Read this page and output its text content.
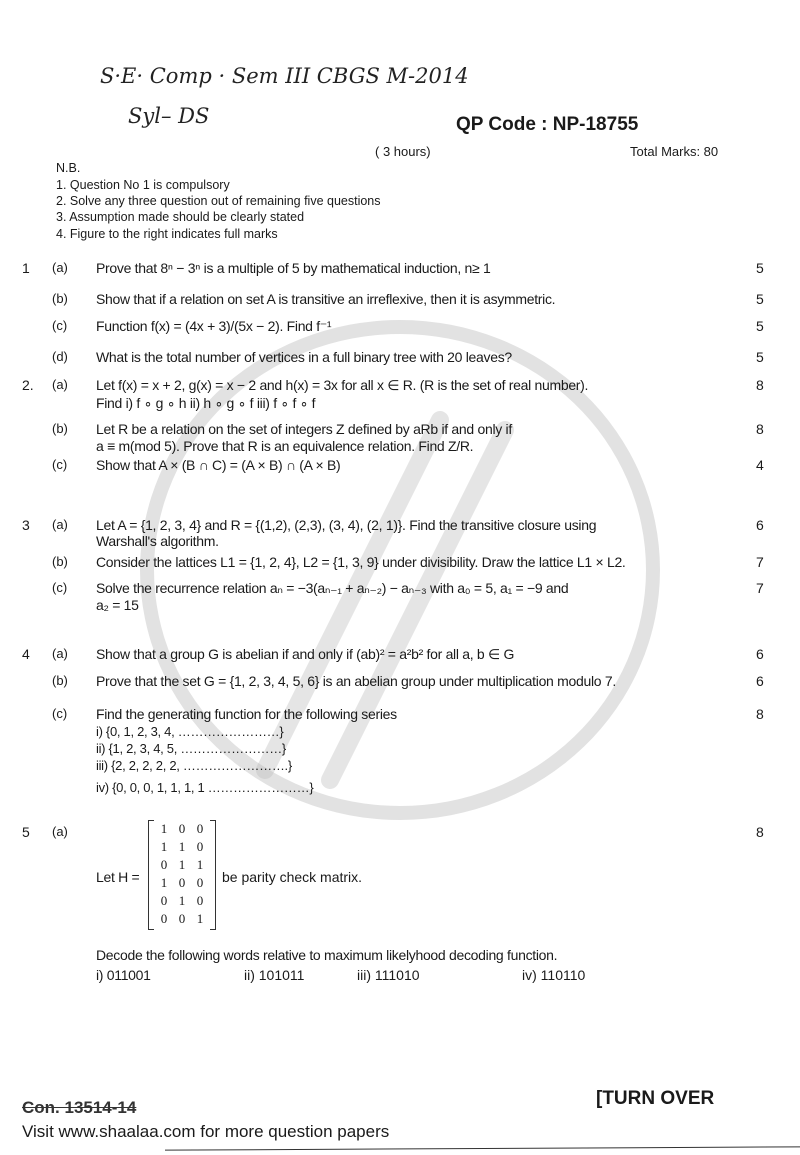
S·E· Comp · Sem III CBGS M-2014
Syl– DS	QP Code : NP-18755
( 3 hours)	Total Marks: 80
N.B.
1. Question No 1 is compulsory
2. Solve any three question out of remaining five questions
3. Assumption made should be clearly stated
4. Figure to the right indicates full marks
1 (a) Prove that 8ⁿ − 3ⁿ is a multiple of 5 by mathematical induction, n≥ 1	5
(b) Show that if a relation on set A is transitive an irreflexive, then it is asymmetric.	5
(c) Function f(x) = (4x + 3)/(5x − 2). Find f⁻¹	5
(d) What is the total number of vertices in a full binary tree with 20 leaves?	5
2. (a) Let f(x) = x + 2, g(x) = x − 2 and h(x) = 3x for all x ∈ R. (R is the set of real number).
Find i) f ∘ g ∘ h ii) h ∘ g ∘ f iii) f ∘ f ∘ f
8
(b) Let R be a relation on the set of integers Z defined by aRb if and only if
a ≡ m(mod 5). Prove that R is an equivalence relation. Find Z/R.
8
(c) Show that A × (B ∩ C) = (A × B) ∩ (A × B)	4
3 (a) Let A = {1, 2, 3, 4} and R = {(1,2), (2,3), (3, 4), (2, 1)}. Find the transitive closure using
Warshall's algorithm.
6
(b) Consider the lattices L1 = {1, 2, 4}, L2 = {1, 3, 9} under divisibility. Draw the lattice L1 × L2.	7
(c) Solve the recurrence relation aₙ = −3(aₙ₋₁ + aₙ₋₂) − aₙ₋₃ with a₀ = 5, a₁ = −9 and
a₂ = 15
7
4 (a) Show that a group G is abelian if and only if (ab)² = a²b² for all a, b ∈ G	6
(b) Prove that the set G = {1, 2, 3, 4, 5, 6} is an abelian group under multiplication modulo 7.	6
(c) Find the generating function for the following series
i) {0, 1, 2, 3, 4, ……………………}
ii) {1, 2, 3, 4, 5, ……………………}
iii) {2, 2, 2, 2, 2, …………………….}
iv) {0, 0, 0, 1, 1, 1, 1 ……………………}
8
5 (a)	8
Let H =
1 0 0
1 1 0
0 1 1
1 0 0
0 1 0
0 0 1
be parity check matrix.
Decode the following words relative to maximum likelyhood decoding function.
i) 011001	ii) 101011	iii) 111010	iv) 110110
[TURN OVER
Con. 13514-14
Visit www.shaalaa.com for more question papers
